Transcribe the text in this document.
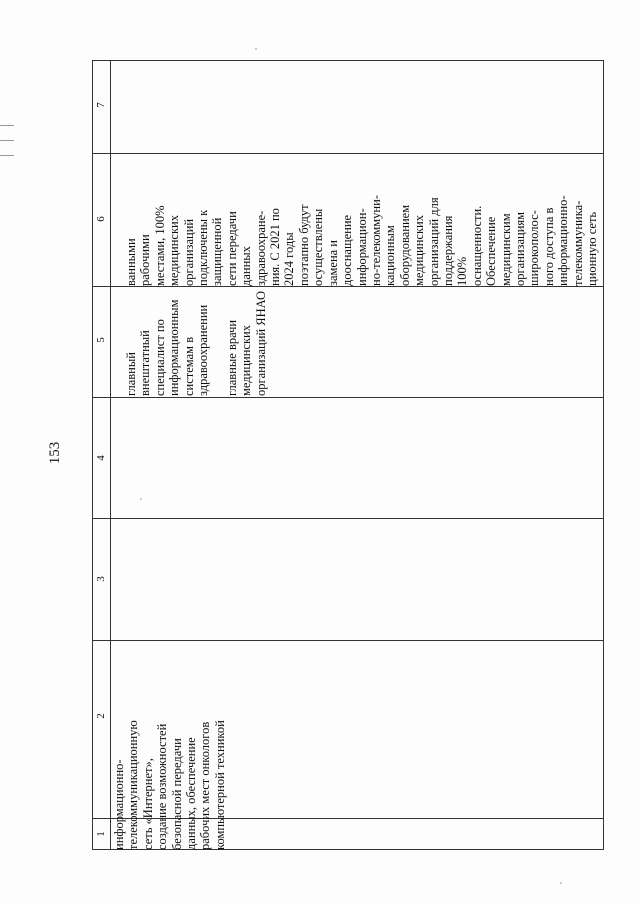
153
1
2
3
4
5
6
7
информационно- телекоммуникационную сеть «Интернет», создание возможностей безопасной передачи данных, обеспечение рабочих мест онкологов компьютерной техникой
главный внештатный специалист по информационным системам в здравоохранении главные врачи медицинских организаций ЯНАО
ванными рабочими местами, 100% медицинских организаций подключены к защищенной сети передачи данных здравоохране- ния. С 2021 по 2024 годы поэтапно будут осуществлены замена и дооснащение информацион- но-телекоммуни- кационным оборудованием медицинских организаций для поддержания 100% оснащенности. Обеспечение медицинским организациям широкополос- ного доступа в информационно- телекоммуника- ционную сеть
